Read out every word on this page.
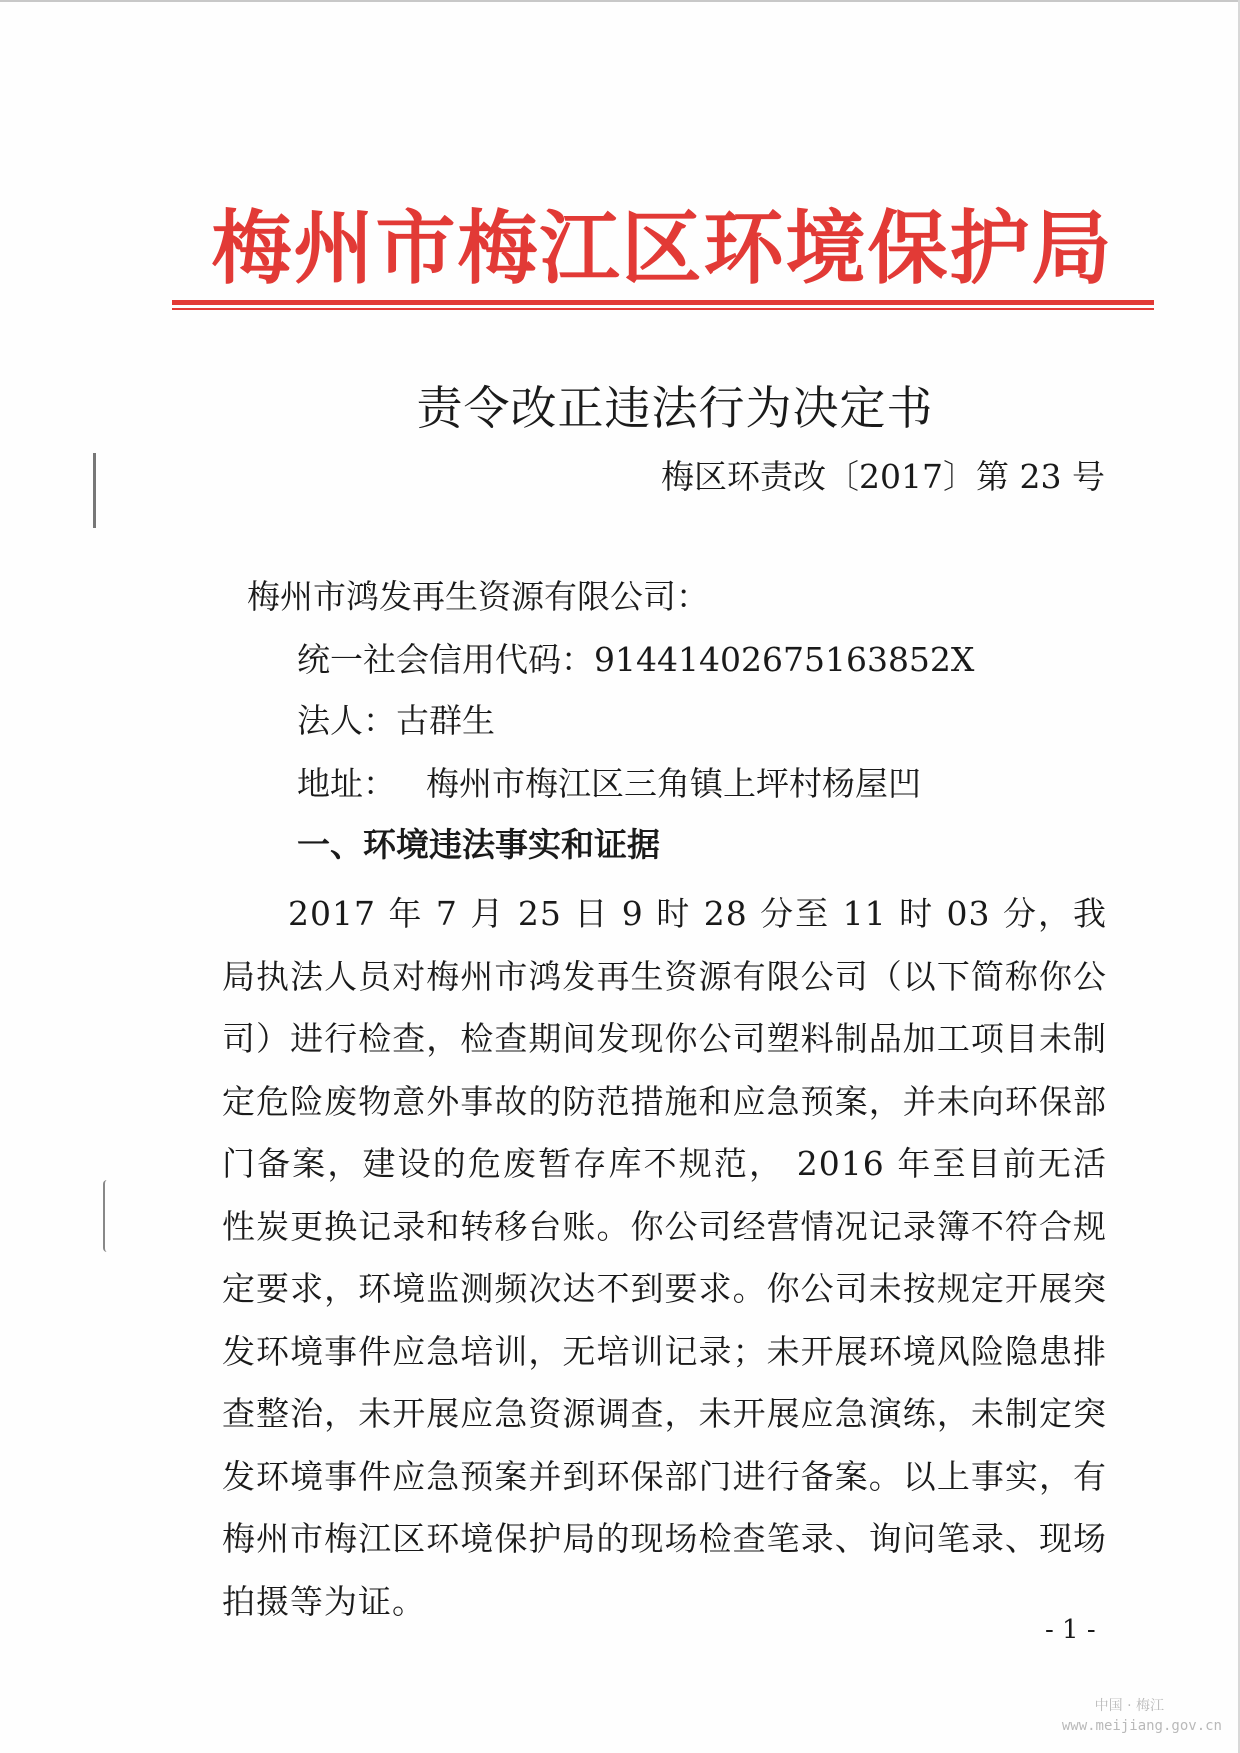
梅州市梅江区环境保护局
责令改正违法行为决定书
梅区环责改〔2017〕第 23 号
梅州市鸿发再生资源有限公司：
统一社会信用代码：91441402675163852X
法人：古群生
地址： 梅州市梅江区三角镇上坪村杨屋凹
一、环境违法事实和证据
2017 年 7 月 25 日 9 时 28 分至 11 时 03 分，我局执法人员对梅州市鸿发再生资源有限公司（以下简称你公司）进行检查，检查期间发现你公司塑料制品加工项目未制定危险废物意外事故的防范措施和应急预案，并未向环保部门备案，建设的危废暂存库不规范， 2016 年至目前无活性炭更换记录和转移台账。你公司经营情况记录簿不符合规定要求，环境监测频次达不到要求。你公司未按规定开展突发环境事件应急培训，无培训记录；未开展环境风险隐患排查整治，未开展应急资源调查，未开展应急演练，未制定突发环境事件应急预案并到环保部门进行备案。以上事实，有梅州市梅江区环境保护局的现场检查笔录、询问笔录、现场拍摄等为证。
- 1 -
中国 · 梅江
www.meijiang.gov.cn
